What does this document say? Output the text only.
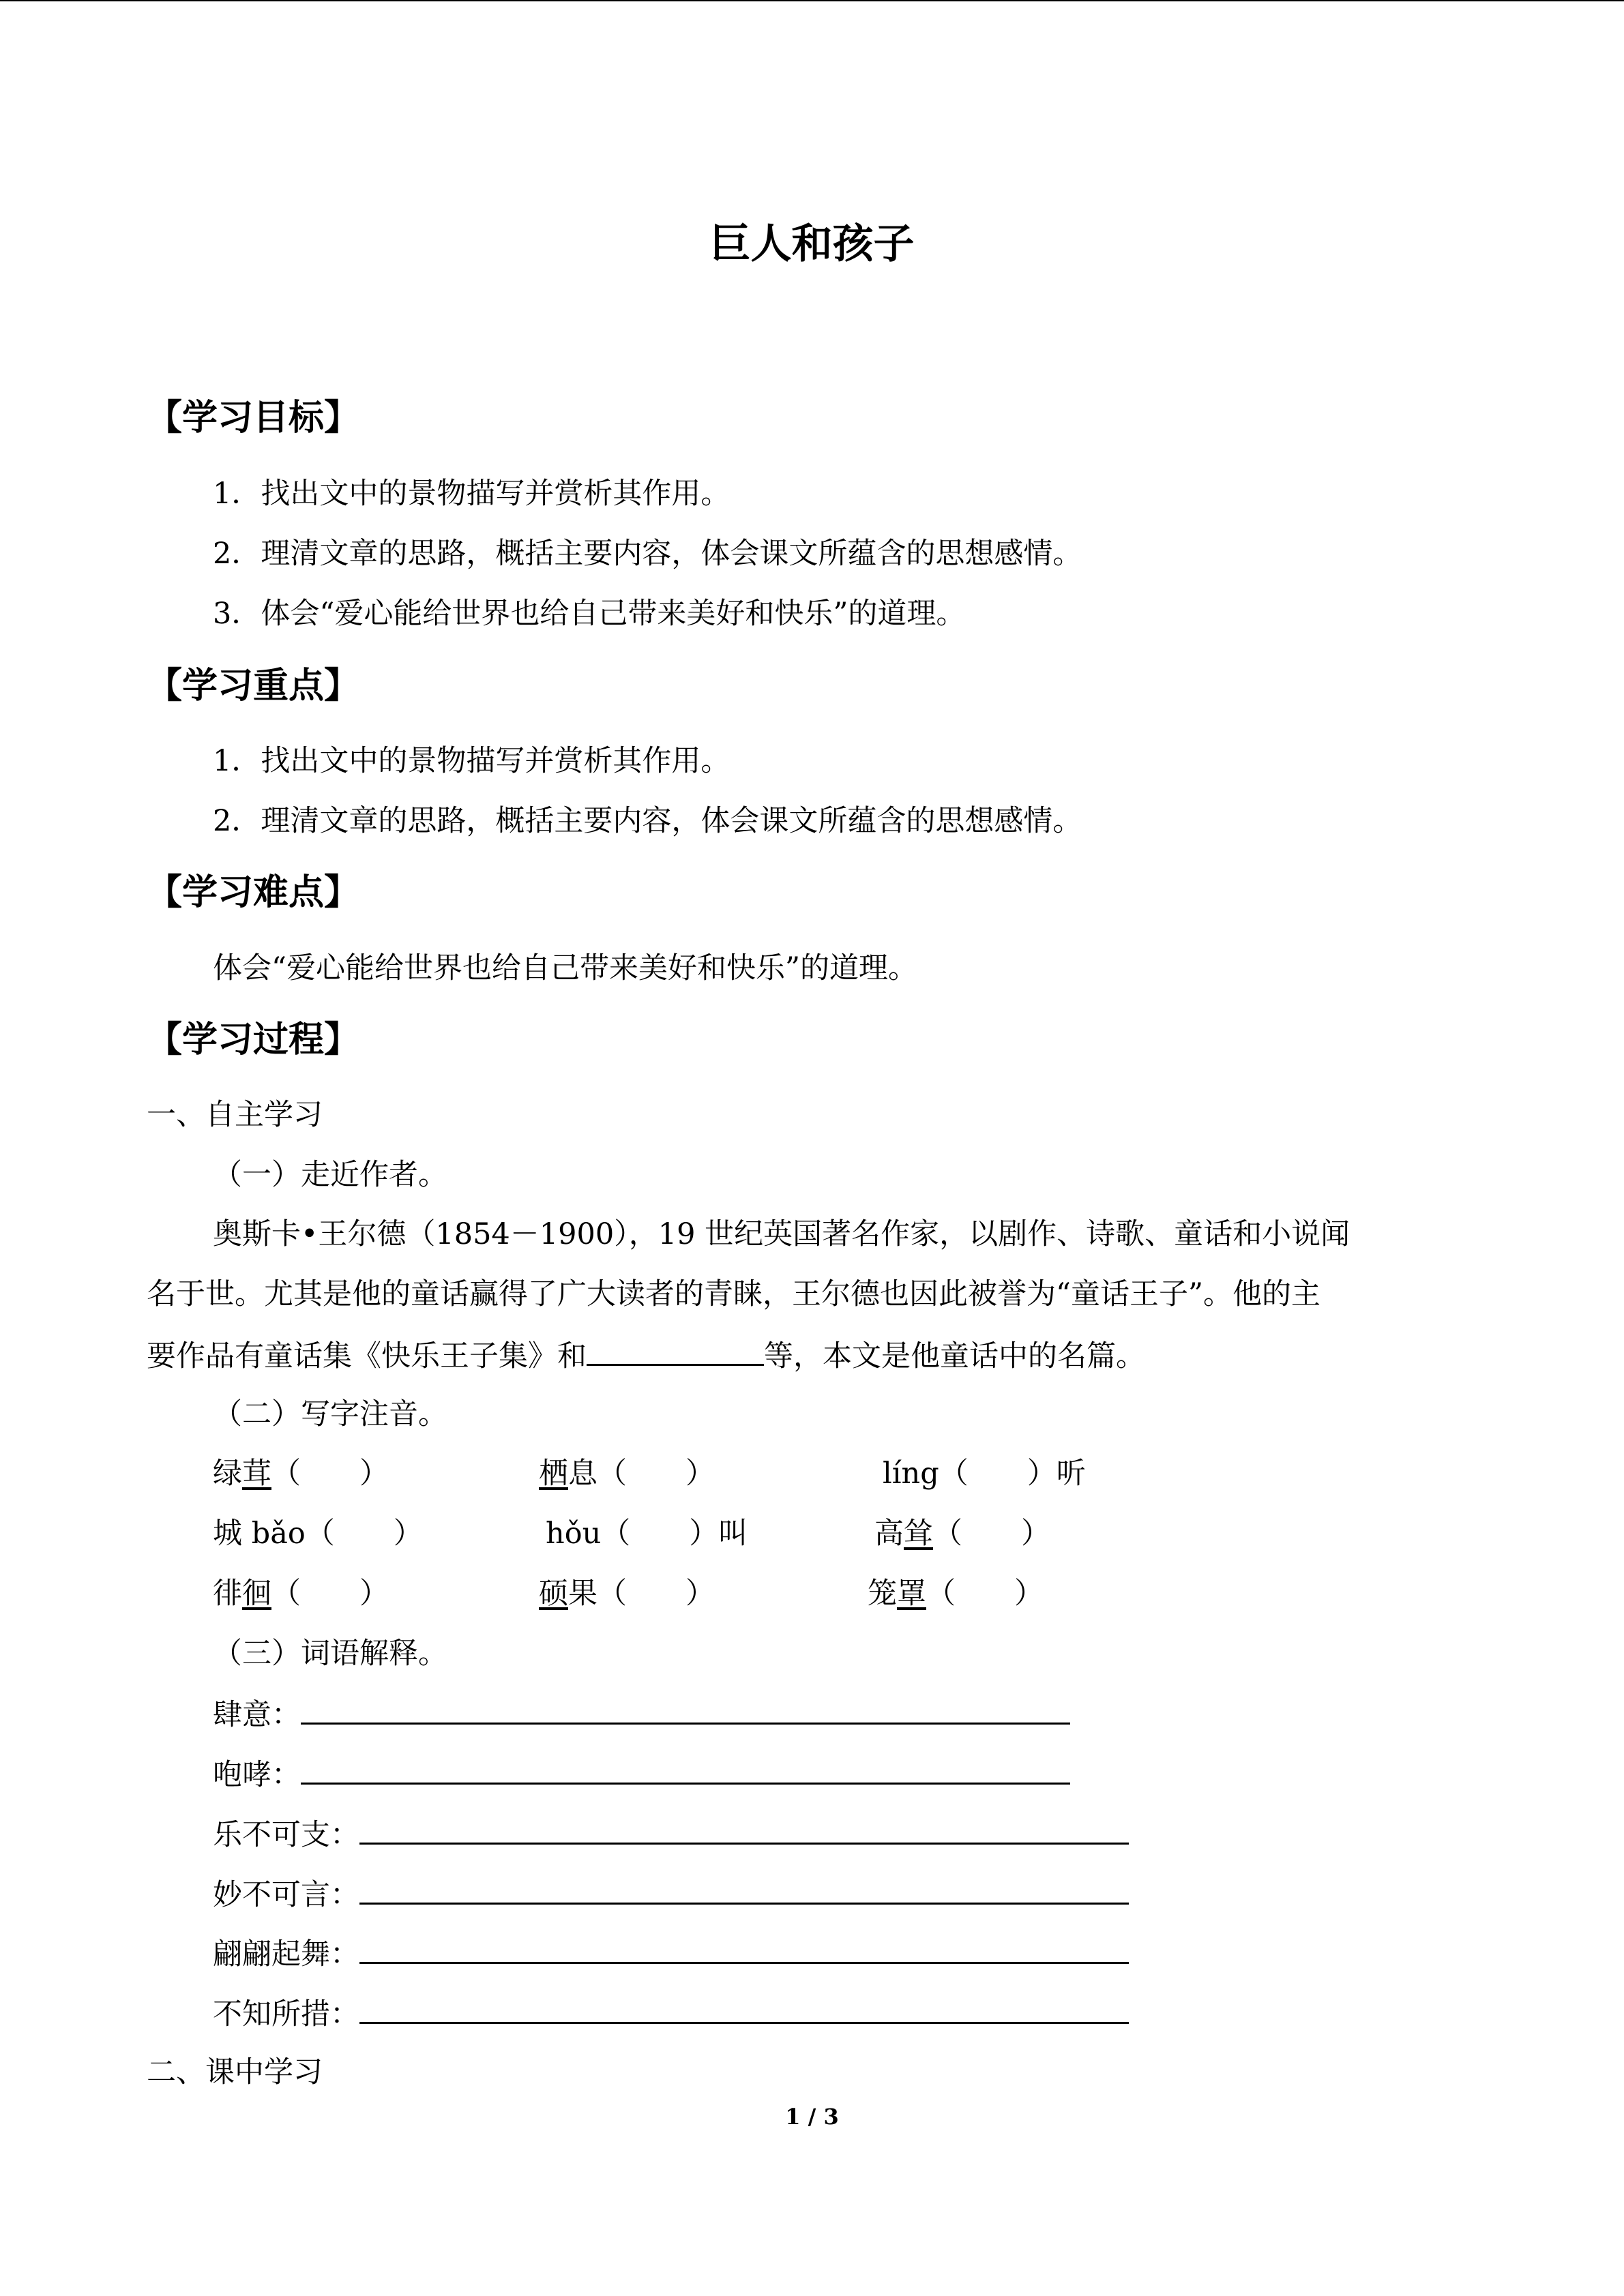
巨人和孩子
【学习目标】
1．找出文中的景物描写并赏析其作用。
2．理清文章的思路，概括主要内容，体会课文所蕴含的思想感情。
3．体会“爱心能给世界也给自己带来美好和快乐”的道理。
【学习重点】
1．找出文中的景物描写并赏析其作用。
2．理清文章的思路，概括主要内容，体会课文所蕴含的思想感情。
【学习难点】
体会“爱心能给世界也给自己带来美好和快乐”的道理。
【学习过程】
一、自主学习
（一）走近作者。
奥斯卡•王尔德（1854－1900），19 世纪英国著名作家，以剧作、诗歌、童话和小说闻
名于世。尤其是他的童话赢得了广大读者的青睐，王尔德也因此被誉为“童话王子”。他的主
要作品有童话集《快乐王子集》和	等，本文是他童话中的名篇。
（二）写字注音。
绿茸（　　）	栖息（　　）	líng（　　）听
城 bǎo（　　）	hǒu（　　）叫	高耸（　　）
徘徊（　　）	硕果（　　）	笼罩（　　）
（三）词语解释。
肆意：
咆哮：
乐不可支：
妙不可言：
翩翩起舞：
不知所措：
二、课中学习
1 / 3
